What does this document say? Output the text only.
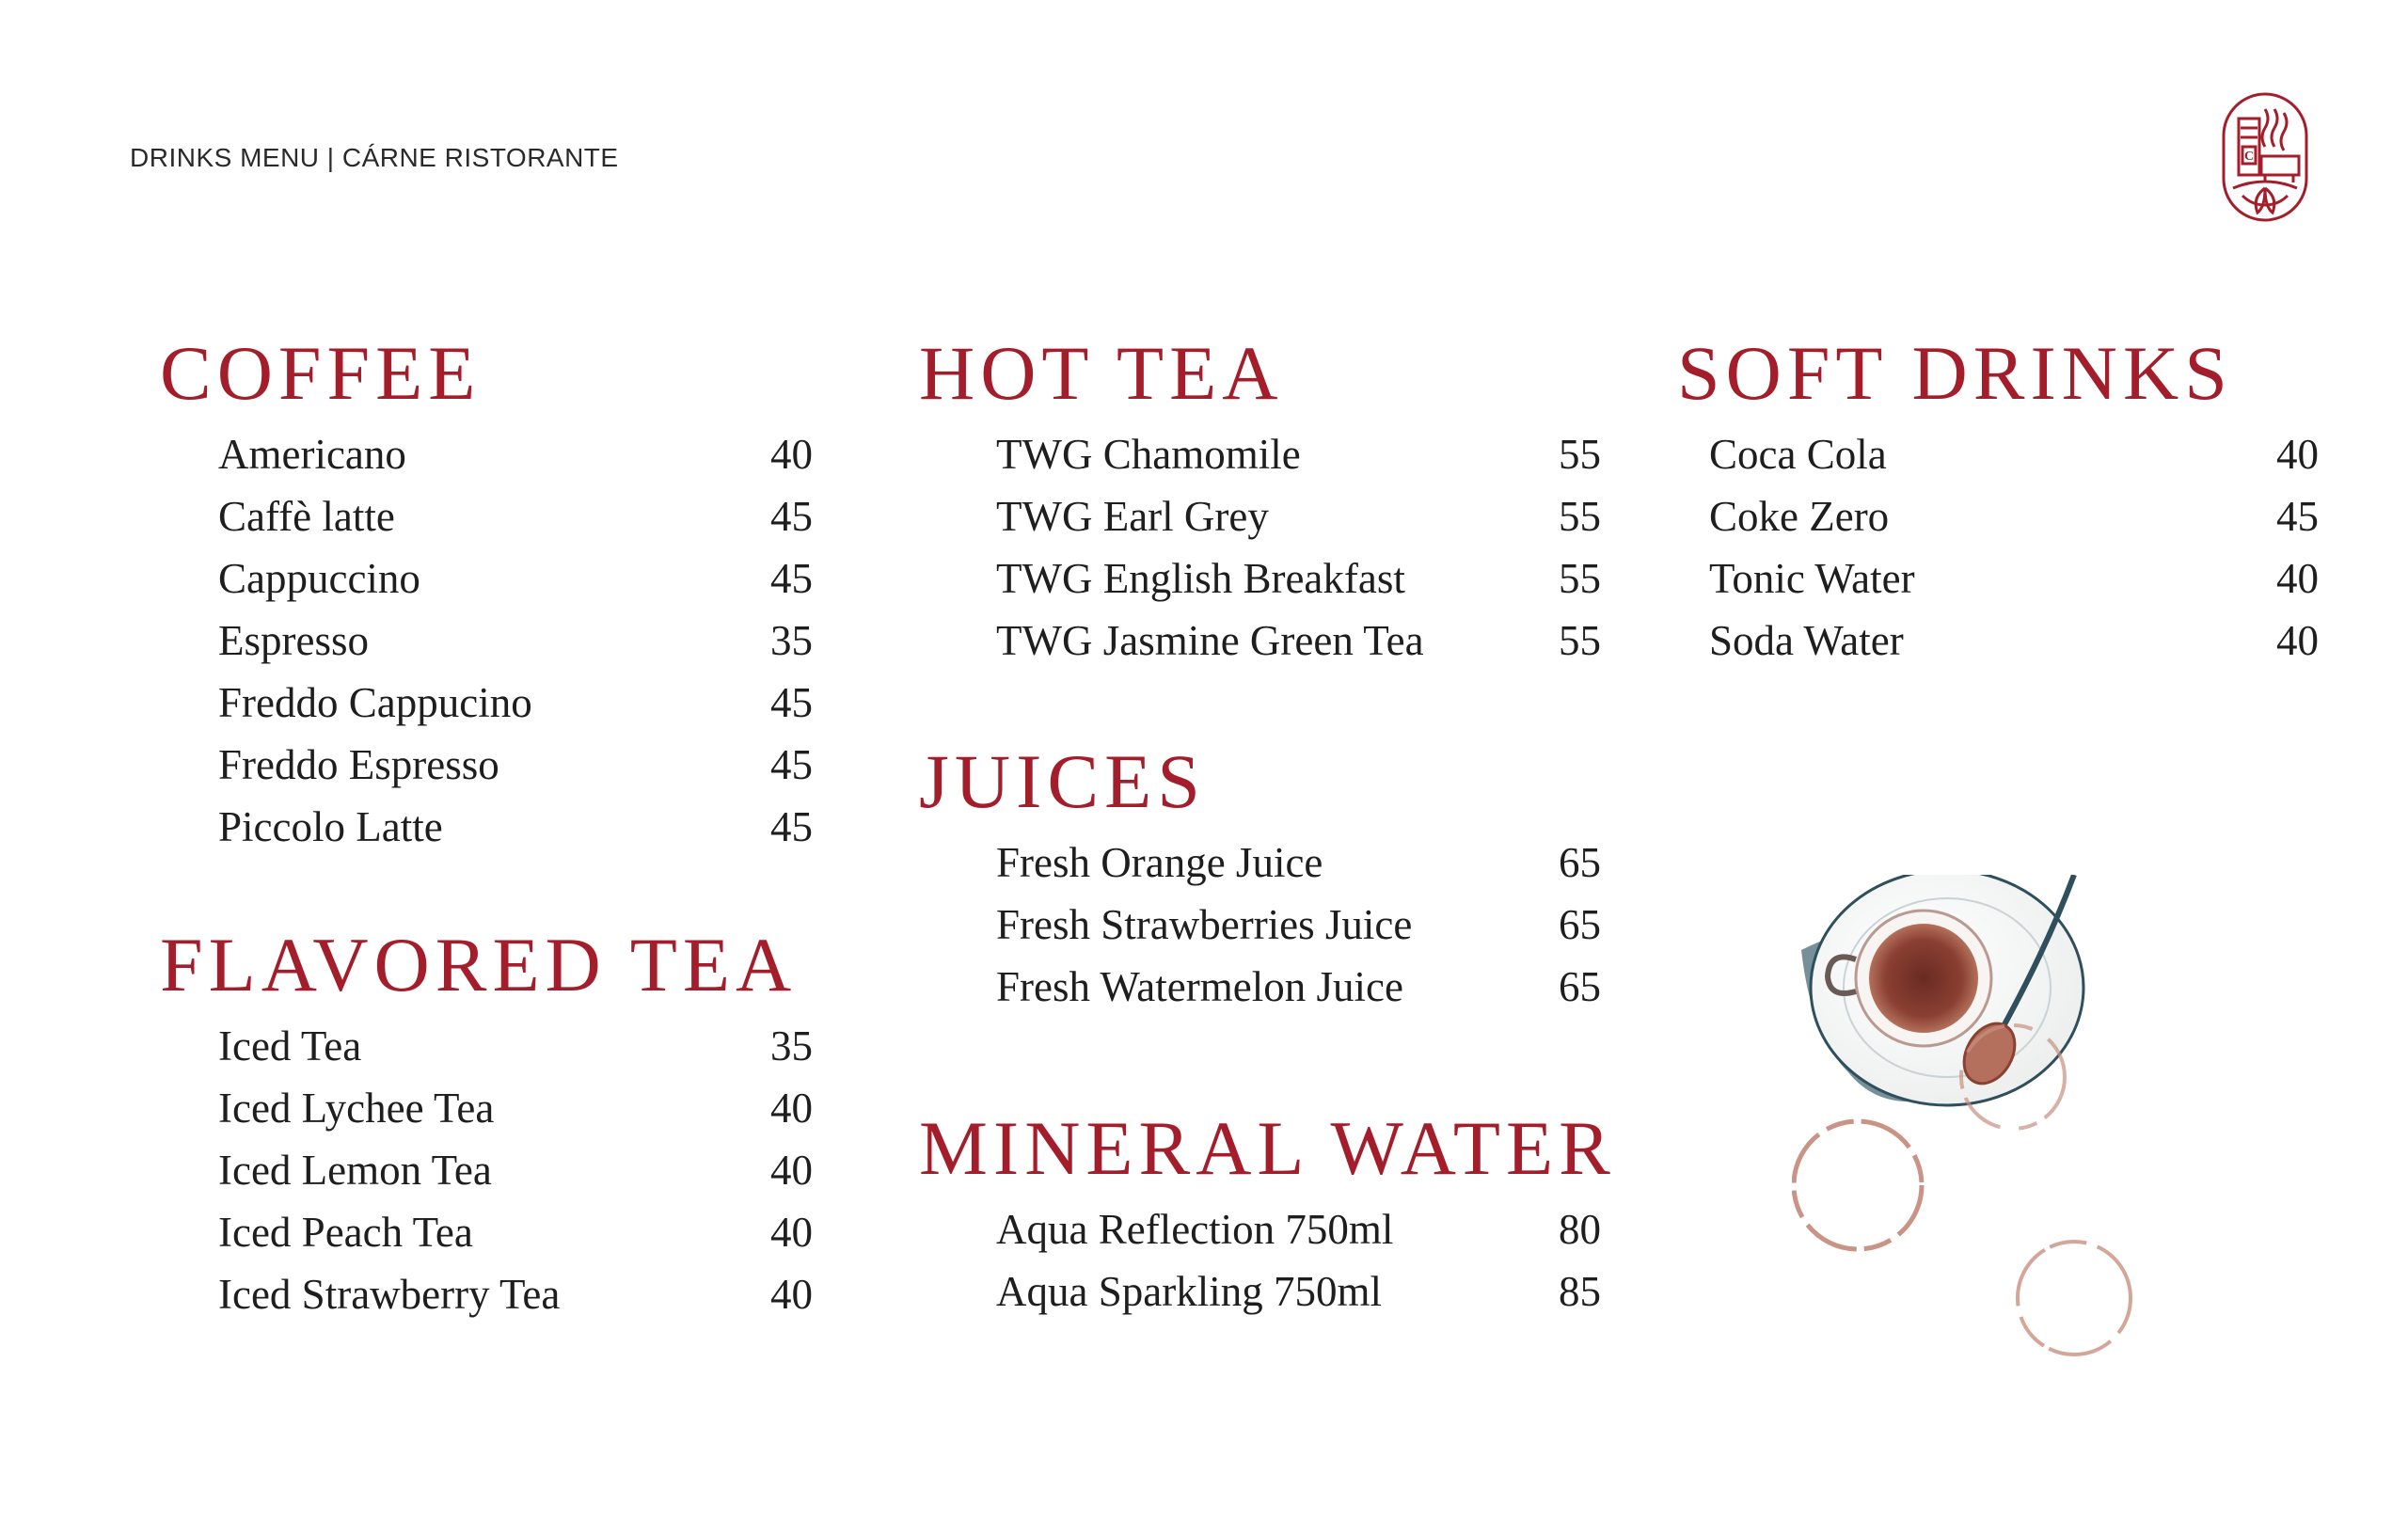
DRINKS MENU | CÁRNE RISTORANTE	C
COFFEE
Americano	40
Caffè latte	45
Cappuccino	45
Espresso	35
Freddo Cappucino	45
Freddo Espresso	45
Piccolo Latte	45
FLAVORED TEA
Iced Tea	35
Iced Lychee Tea	40
Iced Lemon Tea	40
Iced Peach Tea	40
Iced Strawberry Tea	40
HOT TEA
TWG Chamomile	55
TWG Earl Grey	55
TWG English Breakfast	55
TWG Jasmine Green Tea	55
JUICES
Fresh Orange Juice	65
Fresh Strawberries Juice	65
Fresh Watermelon Juice	65
MINERAL WATER
Aqua Reflection 750ml	80
Aqua Sparkling 750ml	85
SOFT DRINKS
Coca Cola	40
Coke Zero	45
Tonic Water	40
Soda Water	40
